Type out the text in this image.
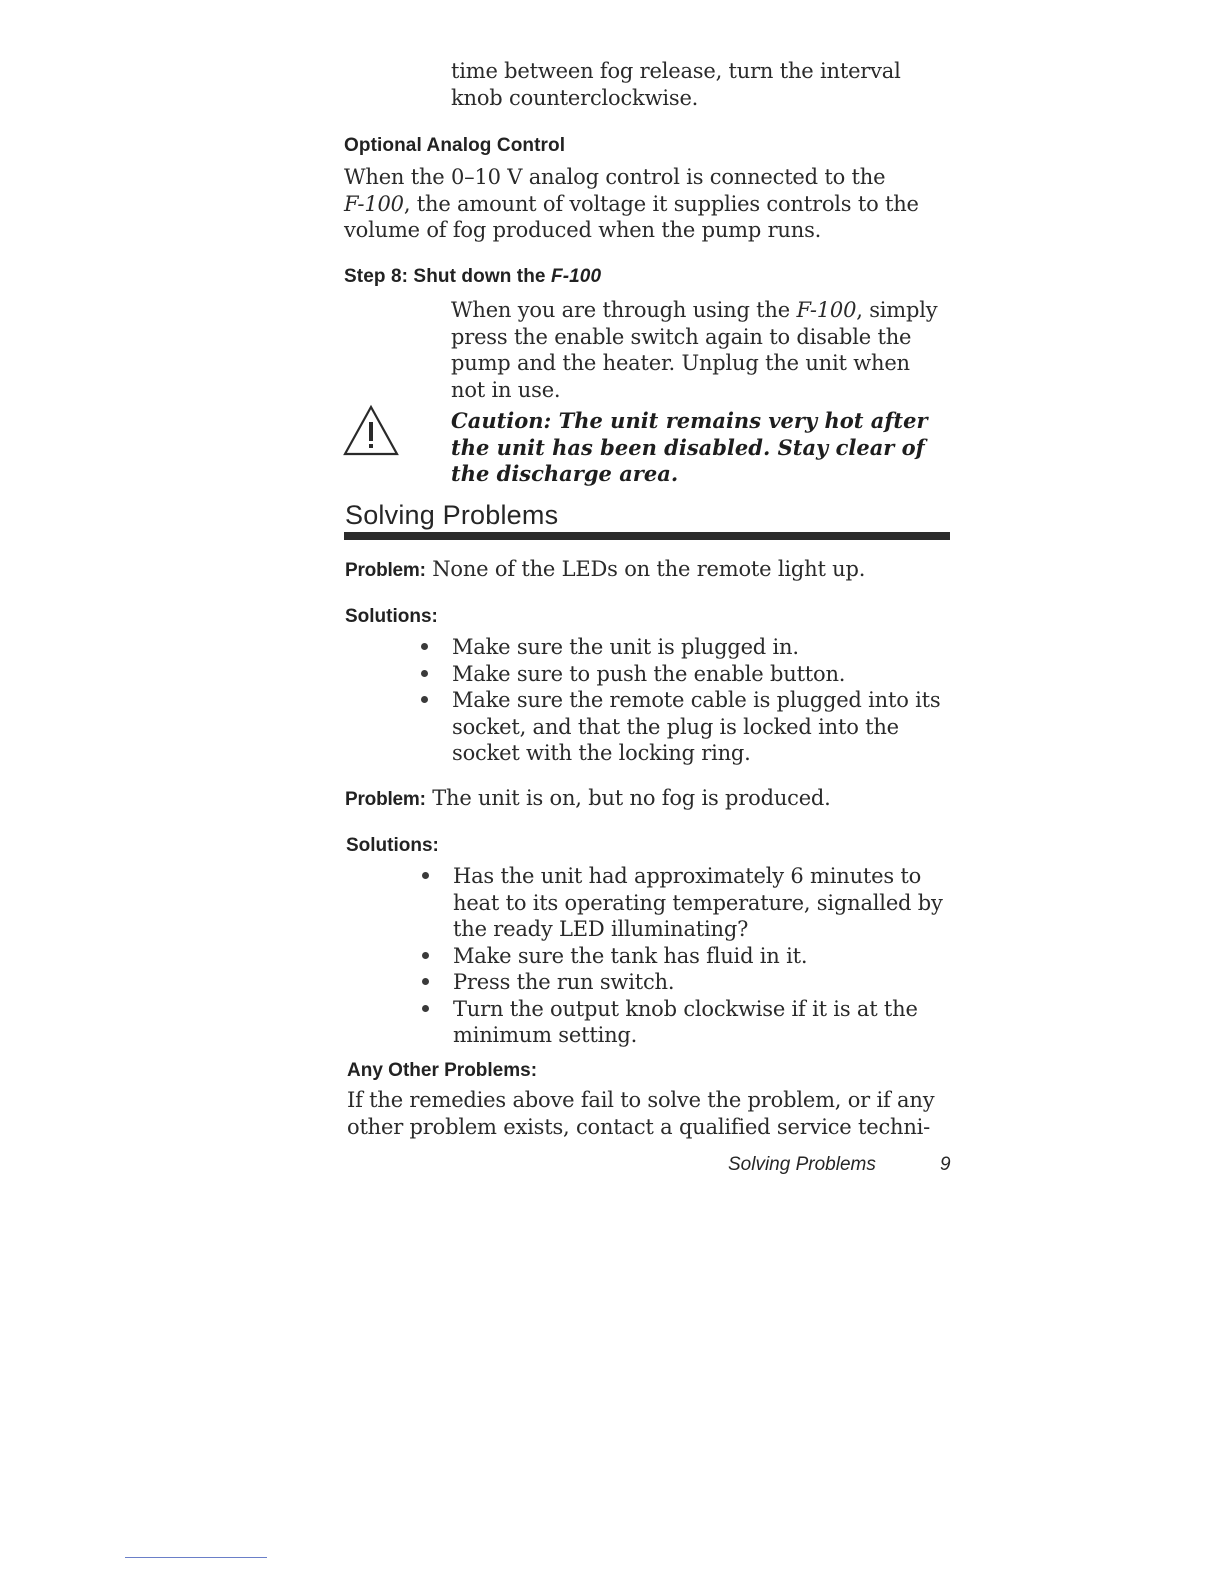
time between fog release, turn the interval
knob counterclockwise.
Optional Analog Control
When the 0–10 V analog control is connected to the
F-100, the amount of voltage it supplies controls to the
volume of fog produced when the pump runs.
Step 8: Shut down the F-100
When you are through using the F-100, simply
press the enable switch again to disable the
pump and the heater. Unplug the unit when
not in use.
Caution: The unit remains very hot after
the unit has been disabled. Stay clear of
the discharge area.
Solving Problems
Problem: None of the LEDs on the remote light up.
Solutions:
Make sure the unit is plugged in.
Make sure to push the enable button.
Make sure the remote cable is plugged into its socket, and that the plug is locked into the socket with the locking ring.
Problem: The unit is on, but no fog is produced.
Solutions:
Has the unit had approximately 6 minutes to heat to its operating temperature, signalled by the ready LED illuminating?
Make sure the tank has fluid in it.
Press the run switch.
Turn the output knob clockwise if it is at the minimum setting.
Any Other Problems:
If the remedies above fail to solve the problem, or if any
other problem exists, contact a qualified service techni-
Solving Problems	9
